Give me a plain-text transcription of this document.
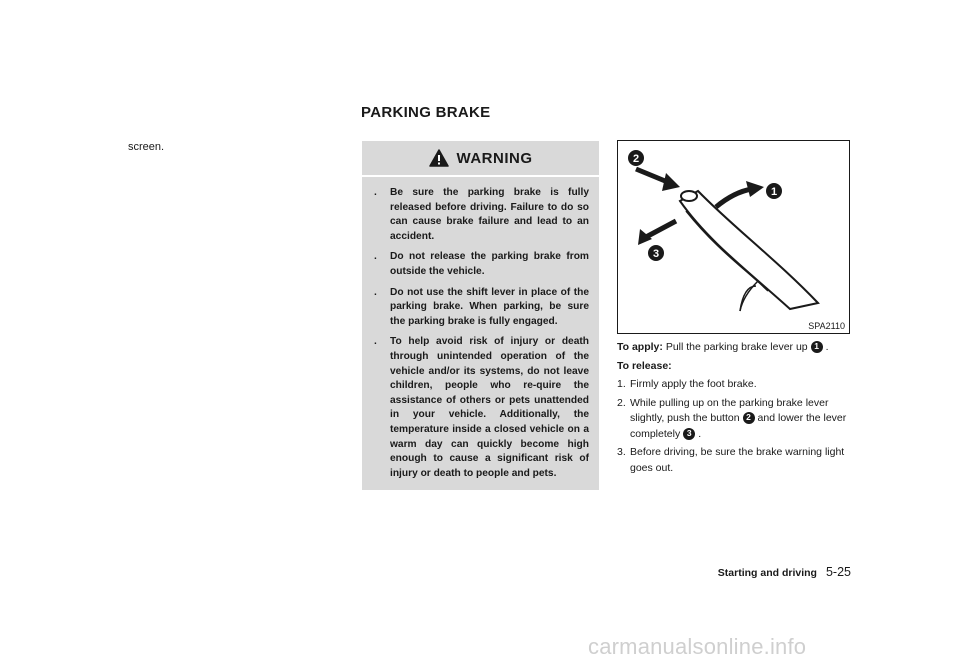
PARKING BRAKE
screen.
WARNING
. Be sure the parking brake is fully released before driving. Failure to do so can cause brake failure and lead to an accident.
. Do not release the parking brake from outside the vehicle.
. Do not use the shift lever in place of the parking brake. When parking, be sure the parking brake is fully engaged.
. To help avoid risk of injury or death through unintended operation of the vehicle and/or its systems, do not leave children, people who re-quire the assistance of others or pets unattended in your vehicle. Additionally, the temperature inside a closed vehicle on a warm day can quickly become high enough to cause a significant risk of injury or death to people and pets.
2
1
3
SPA2110

To apply: Pull the parking brake lever up 1 .

To release:

1. Firmly apply the foot brake.
2. While pulling up on the parking brake lever slightly, push the button 2 and lower the lever completely 3 .
3. Before driving, be sure the brake warning light goes out.
Starting and driving 5-25
carmanualsonline.info
